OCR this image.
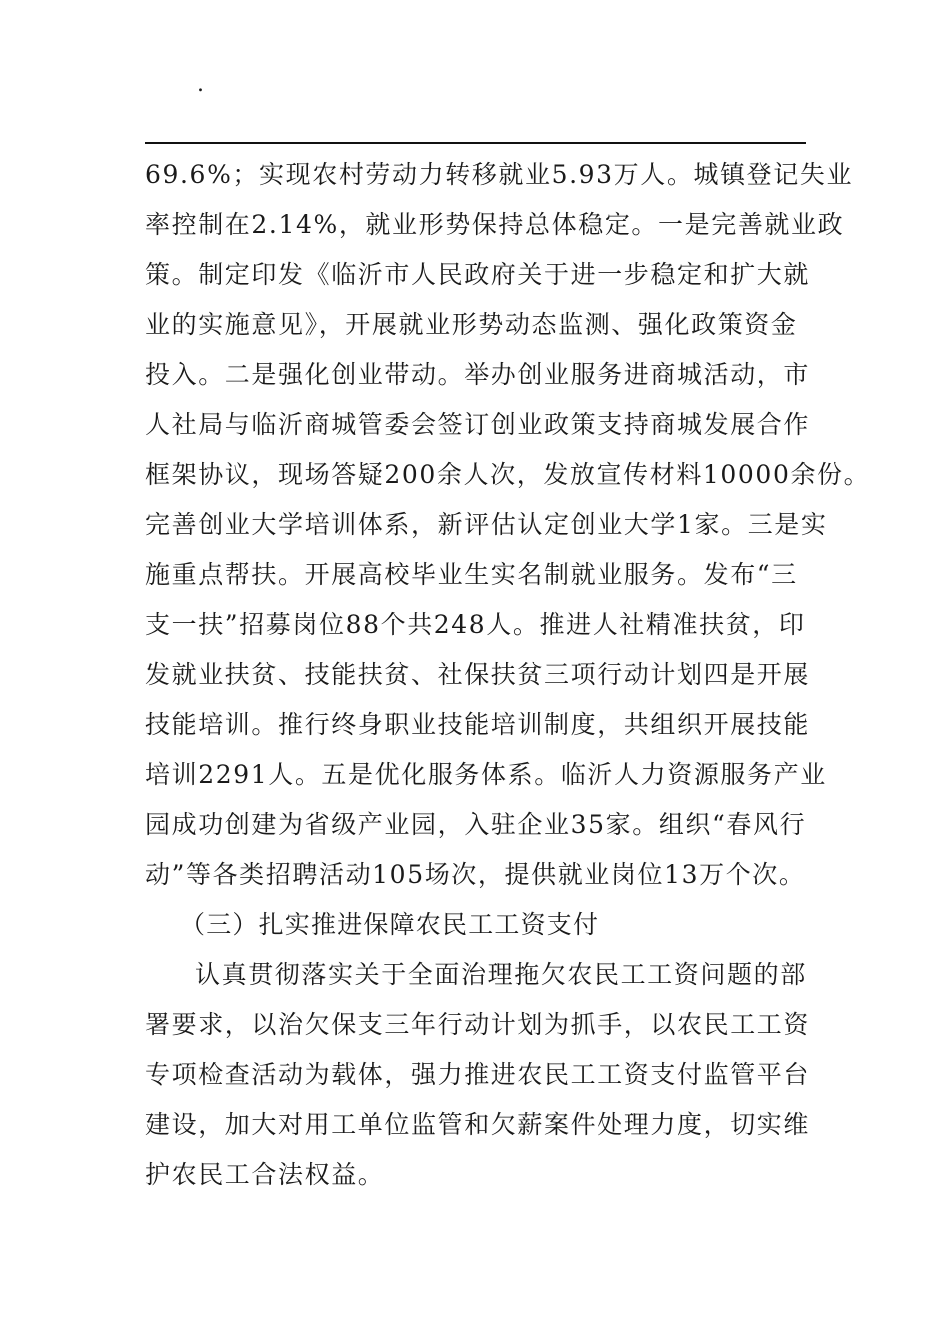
.
69.6%；实现农村劳动力转移就业5.93万人。城镇登记失业
率控制在2.14%，就业形势保持总体稳定。一是完善就业政
策。制定印发《临沂市人民政府关于进一步稳定和扩大就
业的实施意见》，开展就业形势动态监测、强化政策资金
投入。二是强化创业带动。举办创业服务进商城活动，市
人社局与临沂商城管委会签订创业政策支持商城发展合作
框架协议，现场答疑200余人次，发放宣传材料10000余份。
完善创业大学培训体系，新评估认定创业大学1家。三是实
施重点帮扶。开展高校毕业生实名制就业服务。发布“三
支一扶”招募岗位88个共248人。推进人社精准扶贫，印
发就业扶贫、技能扶贫、社保扶贫三项行动计划四是开展
技能培训。推行终身职业技能培训制度，共组织开展技能
培训2291人。五是优化服务体系。临沂人力资源服务产业
园成功创建为省级产业园，入驻企业35家。组织“春风行
动”等各类招聘活动105场次，提供就业岗位13万个次。
（三）扎实推进保障农民工工资支付
认真贯彻落实关于全面治理拖欠农民工工资问题的部
署要求，以治欠保支三年行动计划为抓手，以农民工工资
专项检查活动为载体，强力推进农民工工资支付监管平台
建设，加大对用工单位监管和欠薪案件处理力度，切实维
护农民工合法权益。
